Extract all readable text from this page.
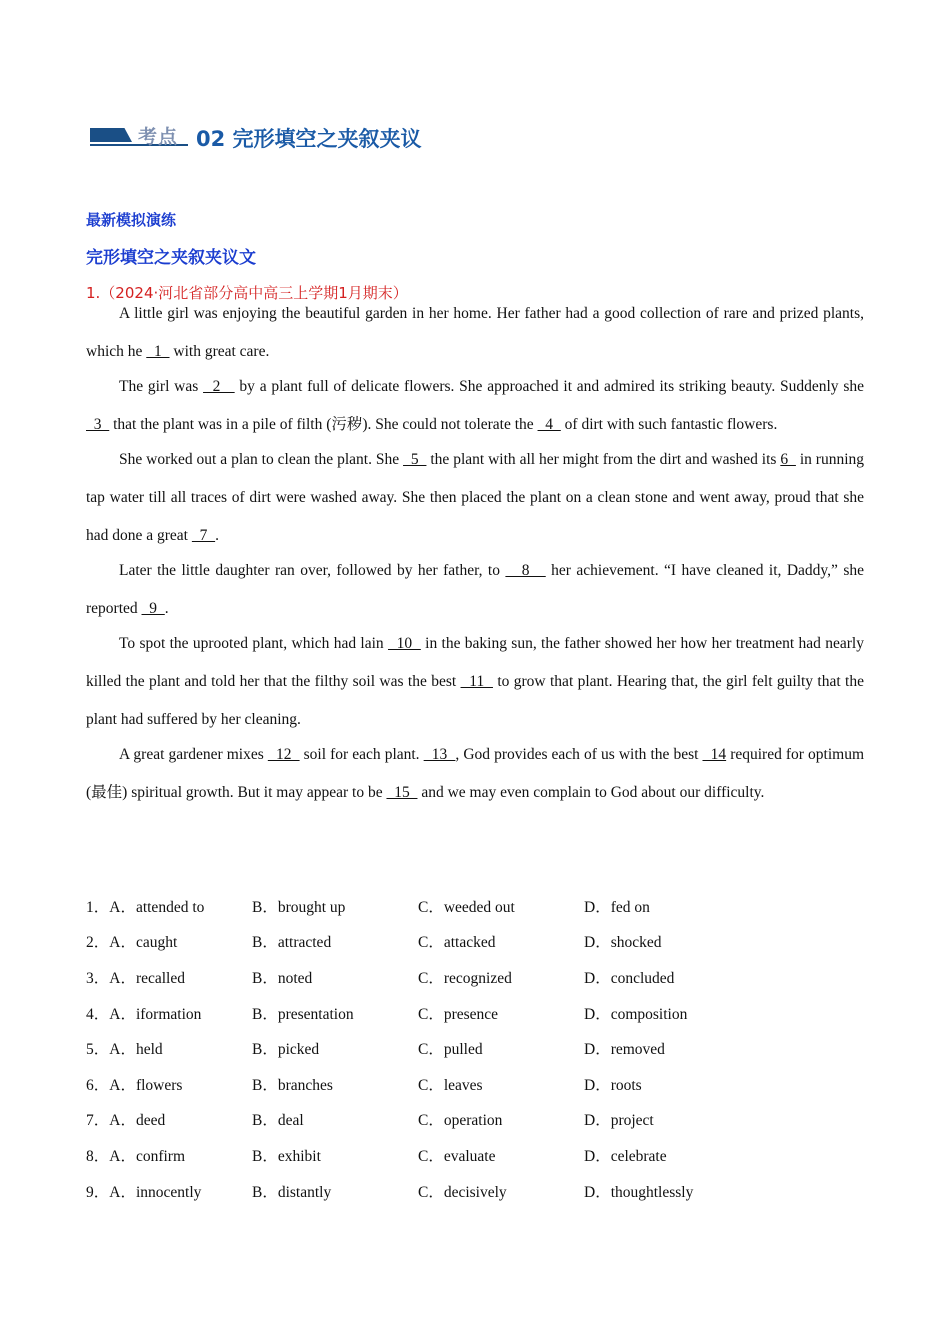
考点 02 完形填空之夹叙夹议
最新模拟演练
完形填空之夹叙夹议文
1.（2024·河北省部分高中高三上学期1月期末）

A little girl was enjoying the beautiful garden in her home. Her father had a good collection of rare and prized plants, which he   1   with great care.

The girl was   2    by a plant full of delicate flowers. She approached it and admired its striking beauty. Suddenly she   3   that the plant was in a pile of filth (污秽). She could not tolerate the   4   of dirt with such fantastic flowers.

She worked out a plan to clean the plant. She   5   the plant with all her might from the dirt and washed its 6   in running tap water till all traces of dirt were washed away. She then placed the plant on a clean stone and went away, proud that she had done a great   7  .

Later the little daughter ran over, followed by her father, to    8    her achievement. “I have cleaned it, Daddy,” she reported   9  .

To spot the uprooted plant, which had lain   10   in the baking sun, the father showed her how her treatment had nearly killed the plant and told her that the filthy soil was the best   11   to grow that plant. Hearing that, the girl felt guilty that the plant had suffered by her cleaning.

A great gardener mixes   12   soil for each plant.   13  , God provides each of us with the best   14 required for optimum (最佳) spiritual growth. But it may appear to be   15   and we may even complain to God about our difficulty.

1．A．attended to	B．brought up	C．weeded out	D．fed on
2．A．caught	B．attracted	C．attacked	D．shocked
3．A．recalled	B．noted	C．recognized	D．concluded
4．A．iformation	B．presentation	C．presence	D．composition
5．A．held	B．picked	C．pulled	D．removed
6．A．flowers	B．branches	C．leaves	D．roots
7．A．deed	B．deal	C．operation	D．project
8．A．confirm	B．exhibit	C．evaluate	D．celebrate
9．A．innocently	B．distantly	C．decisively	D．thoughtlessly
